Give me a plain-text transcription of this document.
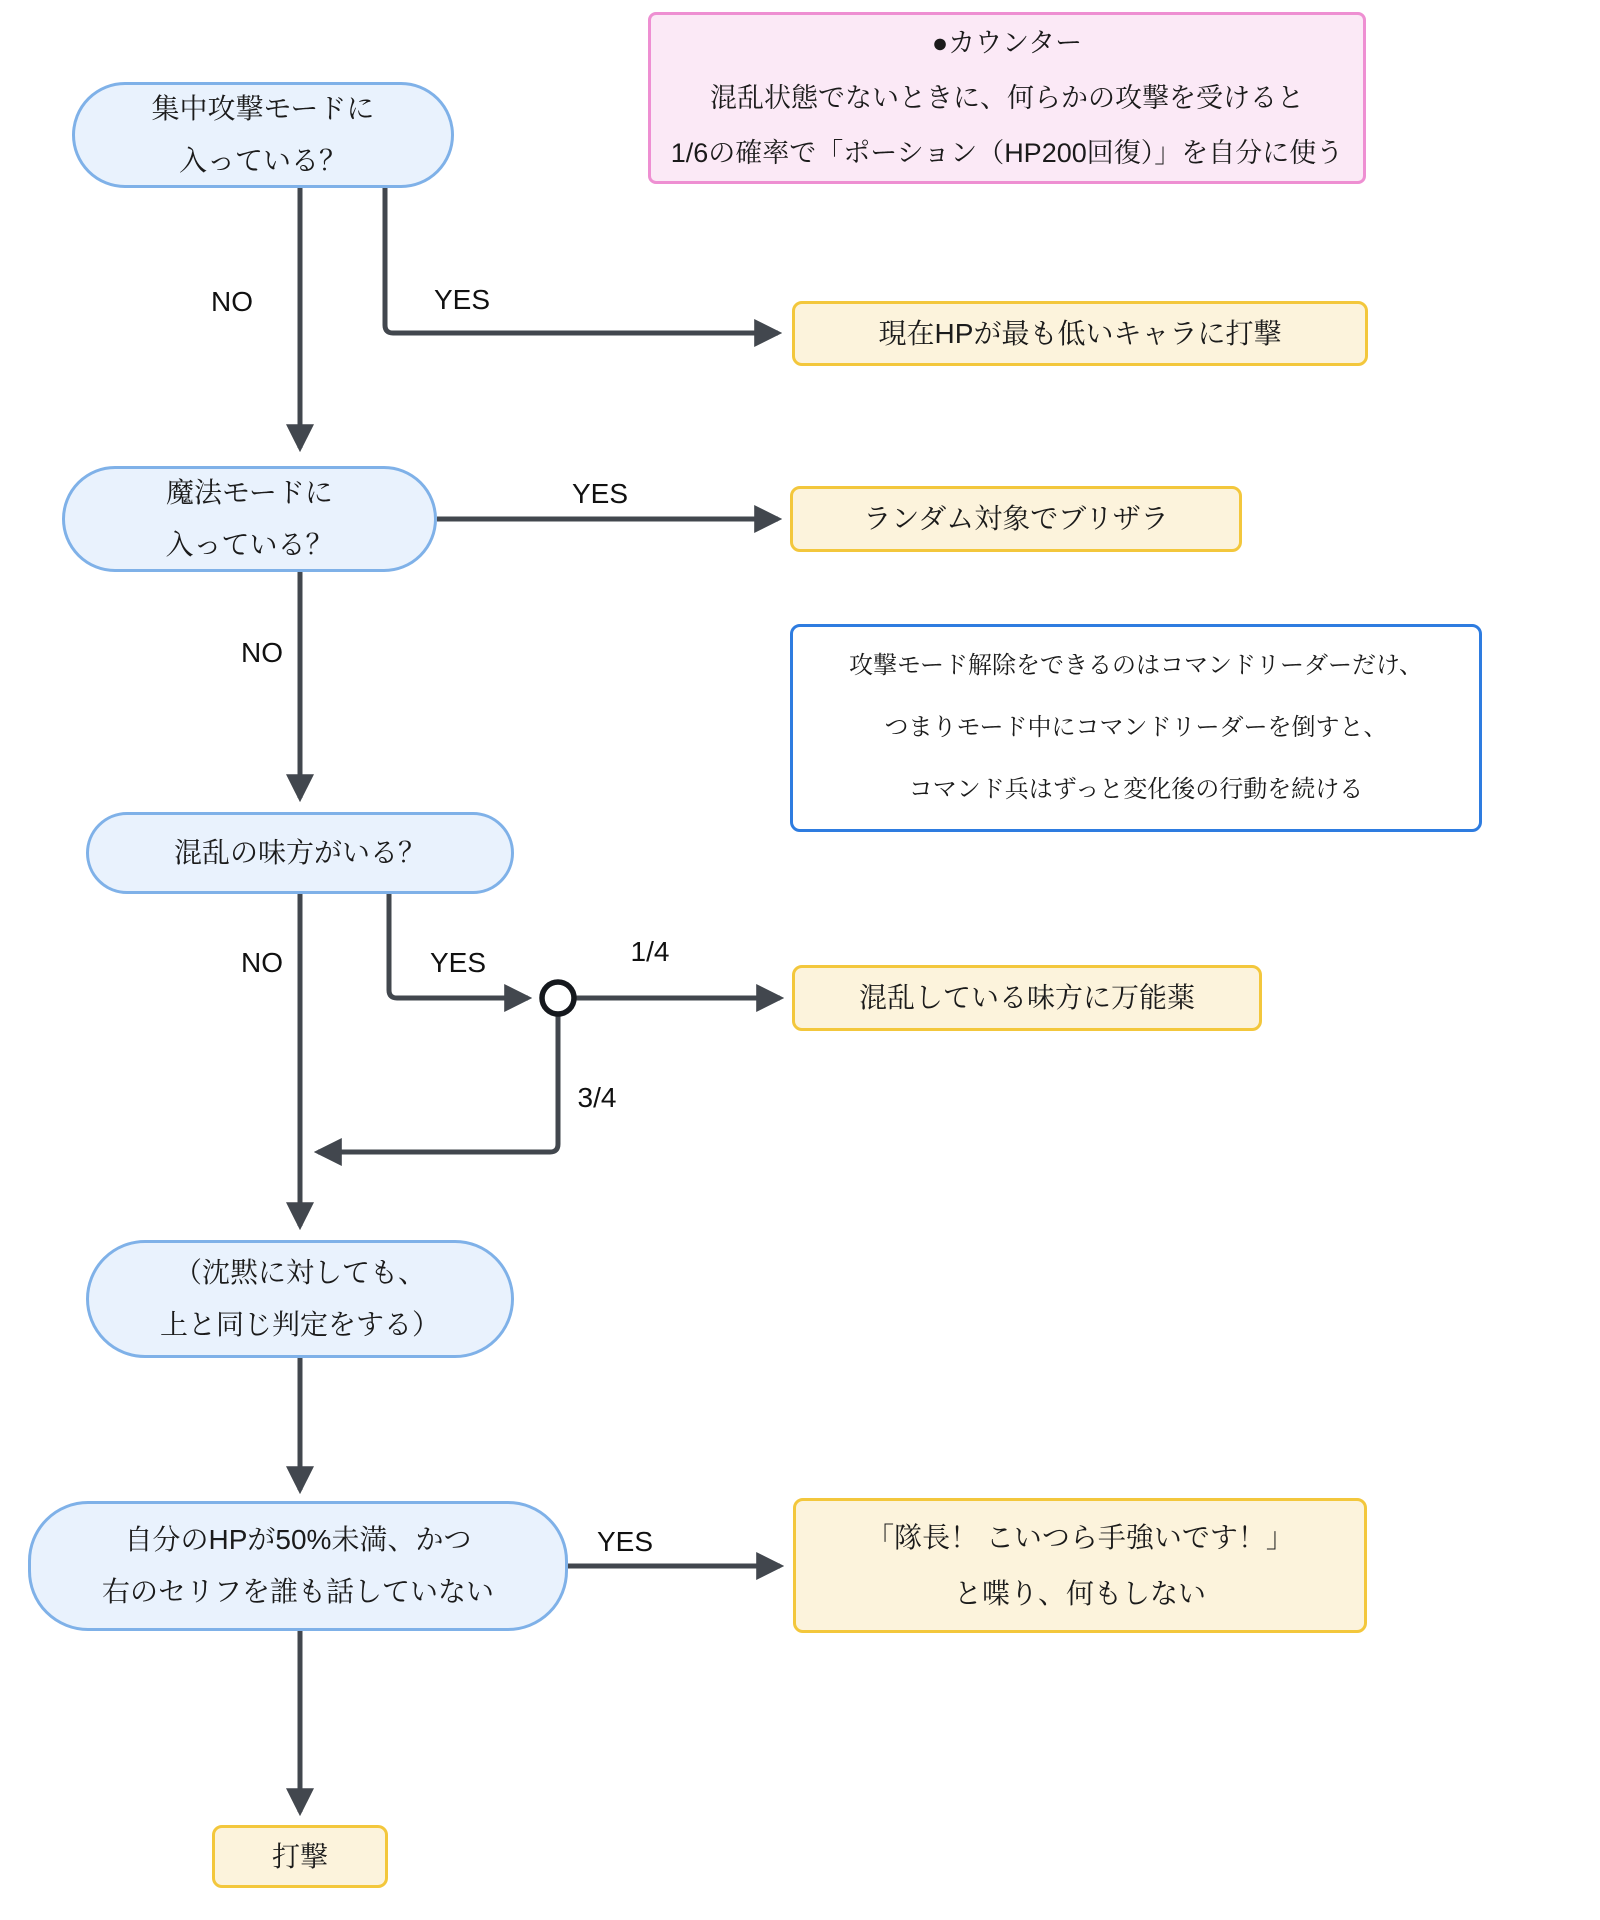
集中攻撃モードに
入っている？
魔法モードに
入っている？
混乱の味方がいる？
（沈黙に対しても、
上と同じ判定をする）
自分のHPが50%未満、かつ
右のセリフを誰も話していない
現在HPが最も低いキャラに打撃
ランダム対象でブリザラ
混乱している味方に万能薬
「隊長！ こいつら手強いです！」
と喋り、何もしない
打撃
●カウンター
混乱状態でないときに、何らかの攻撃を受けると
1/6の確率で「ポーション（HP200回復）」を自分に使う
攻撃モード解除をできるのはコマンドリーダーだけ、
つまりモード中にコマンドリーダーを倒すと、
コマンド兵はずっと変化後の行動を続ける
NO	YES
YES
NO
NO	YES	1/4
3/4
YES
